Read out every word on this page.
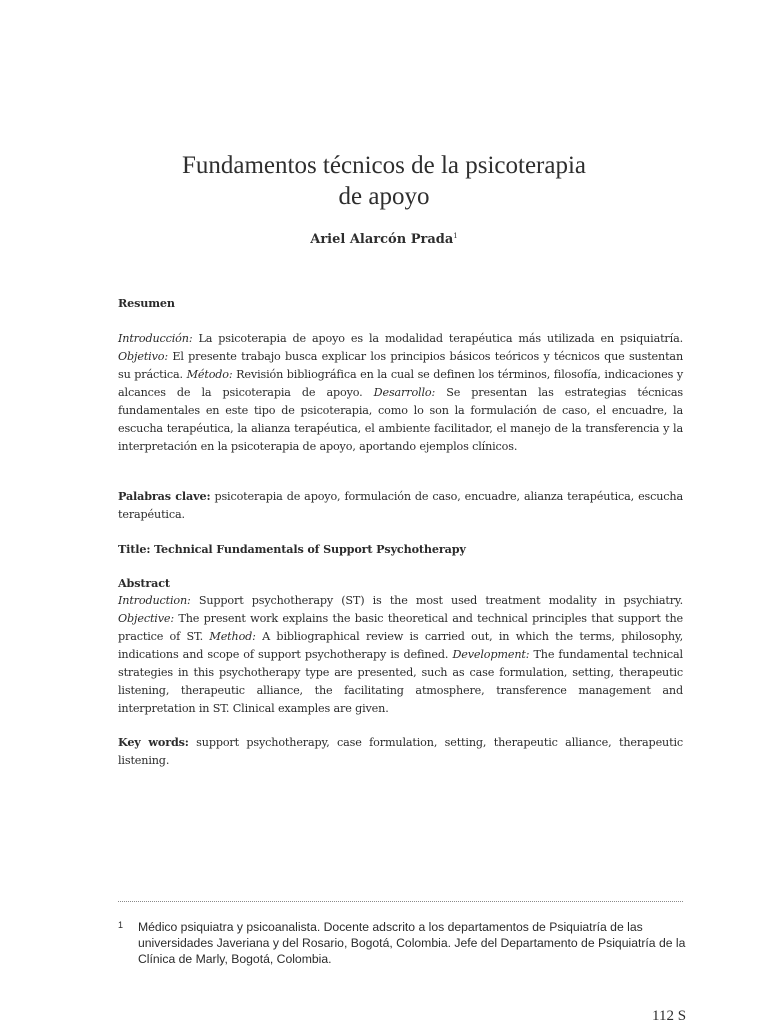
Fundamentos técnicos de la psicoterapia
de apoyo
Ariel Alarcón Prada$^1$
Resumen
Introducción: La psicoterapia de apoyo es la modalidad terapéutica más utilizada en psiquiatría. Objetivo: El presente trabajo busca explicar los principios básicos teóricos y técnicos que sustentan su práctica. Método: Revisión bibliográfica en la cual se definen los términos, filosofía, indicaciones y alcances de la psicoterapia de apoyo. Desarrollo: Se presentan las estrategias técnicas fundamentales en este tipo de psicoterapia, como lo son la formulación de caso, el encuadre, la escucha terapéutica, la alianza terapéutica, el ambiente facilitador, el manejo de la transferencia y la interpretación en la psicoterapia de apoyo, aportando ejemplos clínicos.
Palabras clave: psicoterapia de apoyo, formulación de caso, encuadre, alianza terapéutica, escucha terapéutica.
Title: Technical Fundamentals of Support Psychotherapy
Abstract
Introduction: Support psychotherapy (ST) is the most used treatment modality in psychiatry. Objective: The present work explains the basic theoretical and technical principles that support the practice of ST. Method: A bibliographical review is carried out, in which the terms, philosophy, indications and scope of support psychotherapy is defined. Development: The fundamental technical strategies in this psychotherapy type are presented, such as case formulation, setting, therapeutic listening, therapeutic alliance, the facilitating atmosphere, transference management and interpretation in ST. Clinical examples are given.
Key words: support psychotherapy, case formulation, setting, therapeutic alliance, therapeutic listening.
1 Médico psiquiatra y psicoanalista. Docente adscrito a los departamentos de Psiquiatría de las universidades Javeriana y del Rosario, Bogotá, Colombia. Jefe del Departamento de Psiquiatría de la Clínica de Marly, Bogotá, Colombia.
112 S
